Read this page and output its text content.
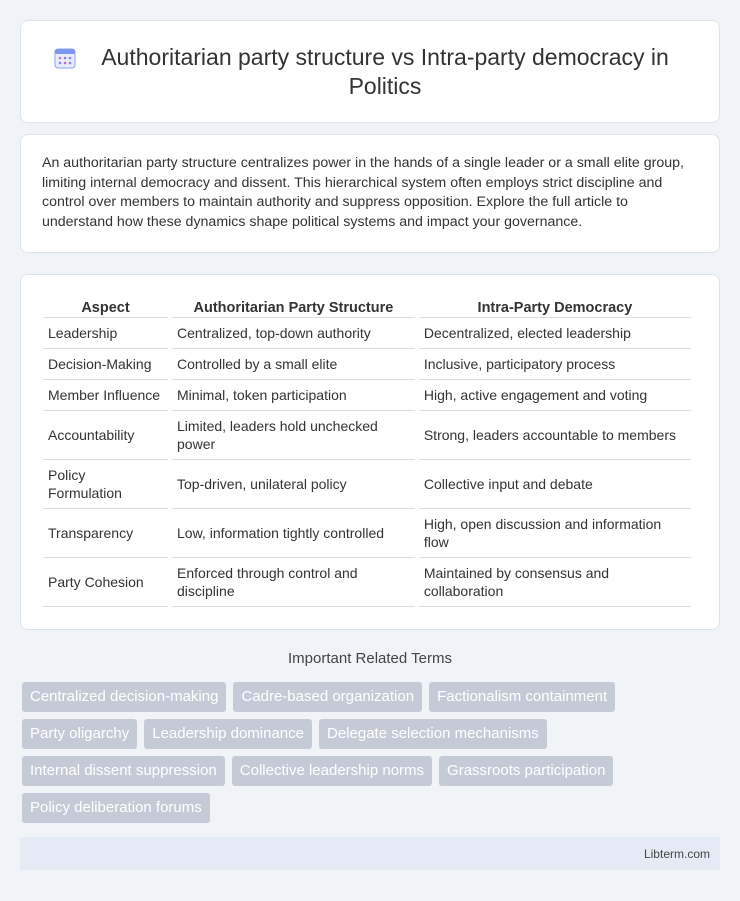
Authoritarian party structure vs Intra-party democracy in Politics

An authoritarian party structure centralizes power in the hands of a single leader or a small elite group, limiting internal democracy and dissent. This hierarchical system often employs strict discipline and control over members to maintain authority and suppress opposition. Explore the full article to understand how these dynamics shape political systems and impact your governance.

Aspect	Authoritarian Party Structure	Intra-Party Democracy
Leadership	Centralized, top-down authority	Decentralized, elected leadership
Decision-Making	Controlled by a small elite	Inclusive, participatory process
Member Influence	Minimal, token participation	High, active engagement and voting
Accountability	Limited, leaders hold unchecked power	Strong, leaders accountable to members
Policy Formulation	Top-driven, unilateral policy	Collective input and debate
Transparency	Low, information tightly controlled	High, open discussion and information flow
Party Cohesion	Enforced through control and discipline	Maintained by consensus and collaboration
Important Related Terms
Centralized decision-making	Cadre-based organization	Factionalism containment
Party oligarchy	Leadership dominance	Delegate selection mechanisms
Internal dissent suppression	Collective leadership norms	Grassroots participation
Policy deliberation forums
Libterm.com
